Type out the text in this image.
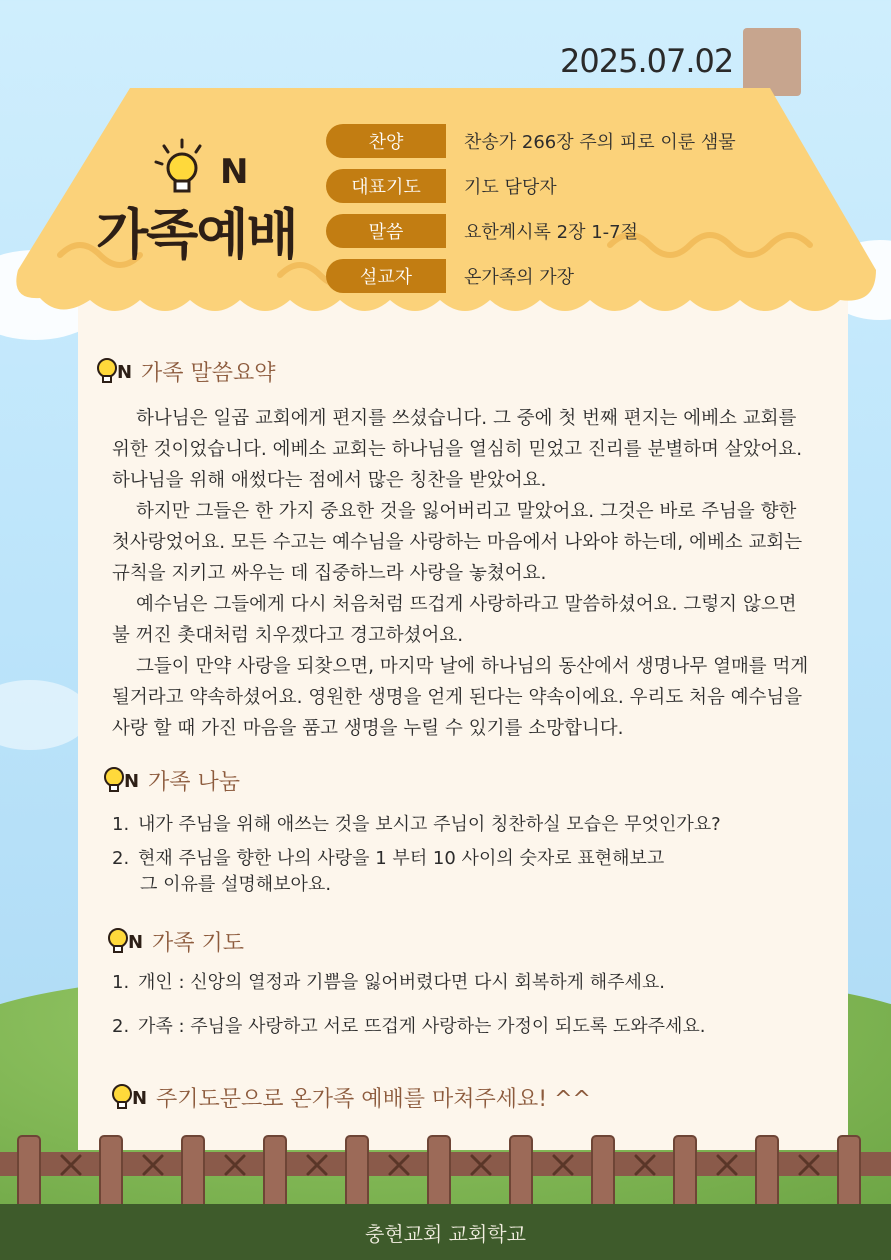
2025.07.02
N
가족예배
찬양	찬송가 266장 주의 피로 이룬 샘물
대표기도	기도 담당자
말씀	요한계시록 2장 1-7절
설교자	온가족의 가장
N 가족 말씀요약

하나님은 일곱 교회에게 편지를 쓰셨습니다. 그 중에 첫 번째 편지는 에베소 교회를 위한 것이었습니다. 에베소 교회는 하나님을 열심히 믿었고 진리를 분별하며 살았어요. 하나님을 위해 애썼다는 점에서 많은 칭찬을 받았어요.

하지만 그들은 한 가지 중요한 것을 잃어버리고 말았어요. 그것은 바로 주님을 향한 첫사랑었어요. 모든 수고는 예수님을 사랑하는 마음에서 나와야 하는데, 에베소 교회는 규칙을 지키고 싸우는 데 집중하느라 사랑을 놓쳤어요.

예수님은 그들에게 다시 처음처럼 뜨겁게 사랑하라고 말씀하셨어요. 그렇지 않으면 불 꺼진 촛대처럼 치우겠다고 경고하셨어요.

그들이 만약 사랑을 되찾으면, 마지막 날에 하나님의 동산에서 생명나무 열매를 먹게 될거라고 약속하셨어요. 영원한 생명을 얻게 된다는 약속이에요. 우리도 처음 예수님을 사랑 할 때 가진 마음을 품고 생명을 누릴 수 있기를 소망합니다.

N 가족 나눔
1. 내가 주님을 위해 애쓰는 것을 보시고 주님이 칭찬하실 모습은 무엇인가요?
2. 현재 주님을 향한 나의 사랑을 1 부터 10 사이의 숫자로 표현해보고
그 이유를 설명해보아요.
N 가족 기도
1. 개인 : 신앙의 열정과 기쁨을 잃어버렸다면 다시 회복하게 해주세요.
2. 가족 : 주님을 사랑하고 서로 뜨겁게 사랑하는 가정이 되도록 도와주세요.
N 주기도문으로 온가족 예배를 마쳐주세요! ^^
충현교회 교회학교
